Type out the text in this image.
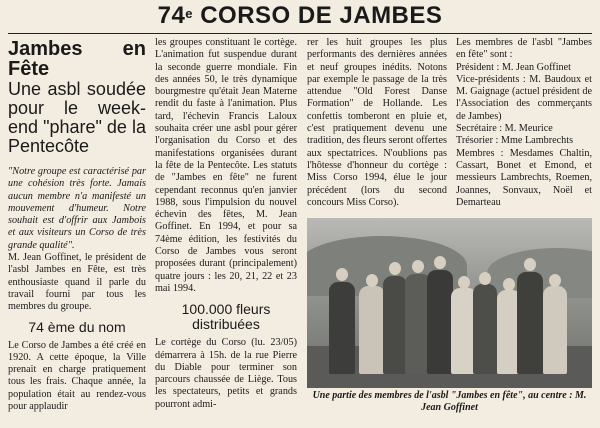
74e CORSO DE JAMBES
Jambes en Fête
Une asbl soudée pour le week-end "phare" de la Pentecôte

"Notre groupe est caractérisé par une cohésion très forte. Jamais aucun membre n'a manifesté un mouvement d'humeur. Notre souhait est d'offrir aux Jambois et aux visiteurs un Corso de très grande qualité".

M. Jean Goffinet, le président de l'asbl Jambes en Fête, est très enthousiaste quand il parle du travail fourni par tous les membres du groupe.

74 ème du nom

Le Corso de Jambes a été créé en 1920. A cette époque, la Ville prenait en charge pratiquement tous les frais. Chaque année, la population était au rendez-vous pour applaudir

les groupes constituant le cortège. L'animation fut suspendue durant la seconde guerre mondiale. Fin des années 50, le très dynamique bourgmestre qu'était Jean Materne rendit du faste à l'animation. Plus tard, l'échevin Francis Laloux souhaita créer une asbl pour gérer l'organisation du Corso et des manifestations organisées durant la fête de la Pentecôte. Les statuts de "Jambes en fête" ne furent cependant reconnus qu'en janvier 1988, sous l'impulsion du nouvel échevin des fêtes, M. Jean Goffinet. En 1994, et pour sa 74ème édition, les festivités du Corso de Jambes vous seront proposées durant (principalement) quatre jours : les 20, 21, 22 et 23 mai 1994.

100.000 fleurs distribuées

Le cortège du Corso (lu. 23/05) démarrera à 15h. de la rue Pierre du Diable pour terminer son parcours chaussée de Liège. Tous les spectateurs, petits et grands pourront admi-

rer les huit groupes les plus performants des dernières années et neuf groupes inédits. Notons par exemple le passage de la très attendue "Old Forest Danse Formation" de Hollande. Les confettis tomberont en pluie et, c'est pratiquement devenu une tradition, des fleurs seront offertes aux spectatrices. N'oublions pas l'hôtesse d'honneur du cortège : Miss Corso 1994, élue le jour précédent (lors du second concours Miss Corso).

Les membres de l'asbl "Jambes en fête" sont :

Président : M. Jean Goffinet

Vice-présidents : M. Baudoux et M. Gaignage (actuel président de l'Association des commerçants de Jambes)

Secrétaire : M. Meurice

Trésorier : Mme Lambrechts

Membres : Mesdames Chaltin, Cassart, Bonet et Emond, et messieurs Lambrechts, Roemen, Joannes, Sonvaux, Noël et Demarteau

Une partie des membres de l'asbl "Jambes en fête", au centre : M. Jean Goffinet
